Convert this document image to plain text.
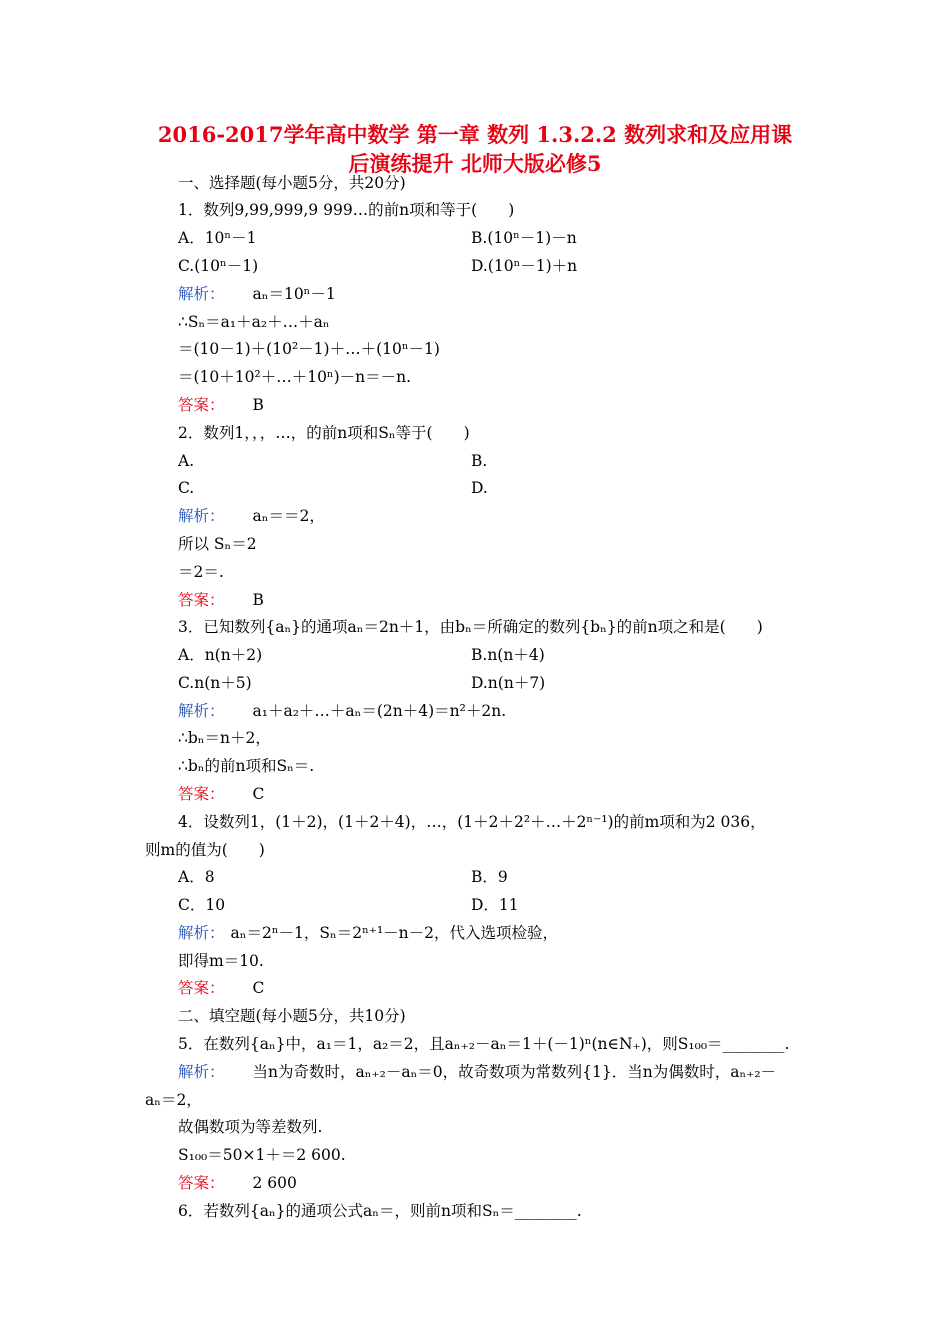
2016-2017学年高中数学 第一章 数列 1.3.2.2 数列求和及应用课
后演练提升 北师大版必修5
一、选择题(每小题5分，共20分)
1．数列9,99,999,9 999…的前n项和等于(　　)
A．10ⁿ－1	B.(10ⁿ－1)－n
C.(10ⁿ－1)	D.(10ⁿ－1)＋n
解析： aₙ＝10ⁿ－1
∴Sₙ＝a₁＋a₂＋…＋aₙ
＝(10－1)＋(10²－1)＋…＋(10ⁿ－1)
＝(10＋10²＋…＋10ⁿ)－n＝－n.
答案： B
2．数列1，，，…，的前n项和Sₙ等于(　　)
A.	B.
C.	D.
解析： aₙ＝＝2，
所以 Sₙ＝2
＝2＝.
答案： B
3．已知数列{aₙ}的通项aₙ＝2n＋1，由bₙ＝所确定的数列{bₙ}的前n项之和是(　　)
A．n(n＋2)	B.n(n＋4)
C.n(n＋5)	D.n(n＋7)
解析： a₁＋a₂＋…＋aₙ＝(2n＋4)＝n²＋2n.
∴bₙ＝n＋2，
∴bₙ的前n项和Sₙ＝.
答案： C
4．设数列1，(1＋2)，(1＋2＋4)，…，(1＋2＋2²＋…＋2ⁿ⁻¹)的前m项和为2 036，
则m的值为(　　)
A．8	B．9
C．10	D．11
解析： aₙ＝2ⁿ－1，Sₙ＝2ⁿ⁺¹－n－2，代入选项检验，
即得m＝10.
答案： C
二、填空题(每小题5分，共10分)
5．在数列{aₙ}中，a₁＝1，a₂＝2，且aₙ₊₂－aₙ＝1＋(－1)ⁿ(n∈N₊)，则S₁₀₀＝________.
解析： 当n为奇数时，aₙ₊₂－aₙ＝0，故奇数项为常数列{1}．当n为偶数时，aₙ₊₂－
aₙ＝2，
故偶数项为等差数列.
S₁₀₀＝50×1＋＝2 600.
答案： 2 600
6．若数列{aₙ}的通项公式aₙ＝，则前n项和Sₙ＝________.
